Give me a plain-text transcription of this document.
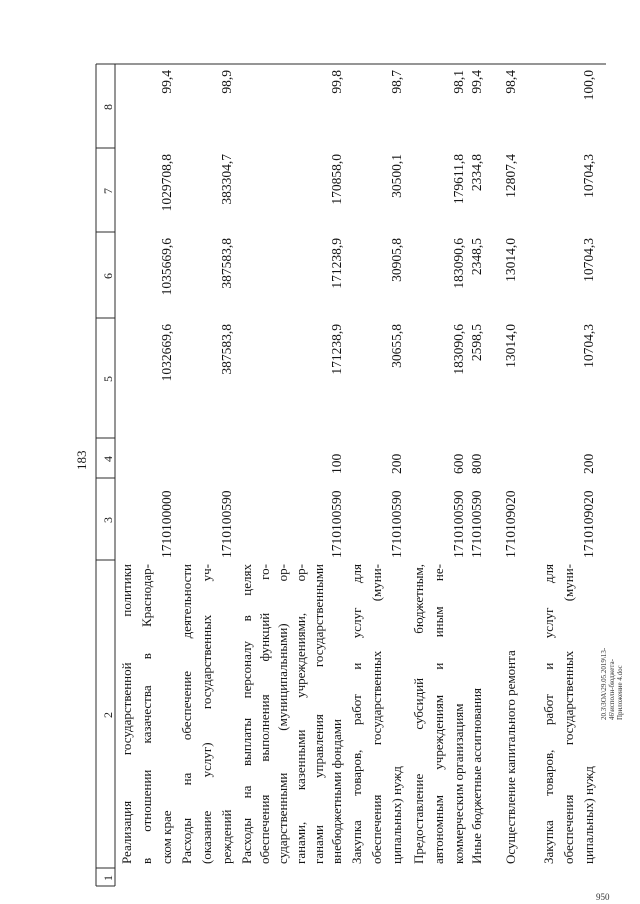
1
2
3
4
5
6
7
8
Реализация государственной политики в отношении казачества в Краснодар- ском крае
1710100000
1032669,6
1035669,6
1029708,8
99,4
Расходы на обеспечение деятельности (оказание услуг) государственных уч- реждений
1710100590
387583,8
387583,8
383304,7
98,9
Расходы на выплаты персоналу в целях обеспечения выполнения функций го- сударственными (муниципальными) ор- ганами, казенными учреждениями, ор- ганами управления государственными внебюджетными фондами
1710100590
100
171238,9
171238,9
170858,0
99,8
Закупка товаров, работ и услуг для обеспечения государственных (муни- ципальных) нужд
1710100590
200
30655,8
30905,8
30500,1
98,7
Предоставление субсидий бюджетным, автономным учреждениям и иным не- коммерческим организациям
1710100590
600
183090,6
183090,6
179611,8
98,1
Иные бюджетные ассигнования
1710100590
800
2598,5
2348,5
2334,8
99,4
Осуществление капитального ремонта
1710109020
13014,0
13014,0
12807,4
98,4
Закупка товаров, работ и услуг для обеспечения государственных (муни- ципальных) нужд
1710109020
200
10704,3
10704,3
10704,3
100,0
183
20.3\ЗОА\29.05.2019\13-46\исполн-бюджета-Приложение 4.doc
950
